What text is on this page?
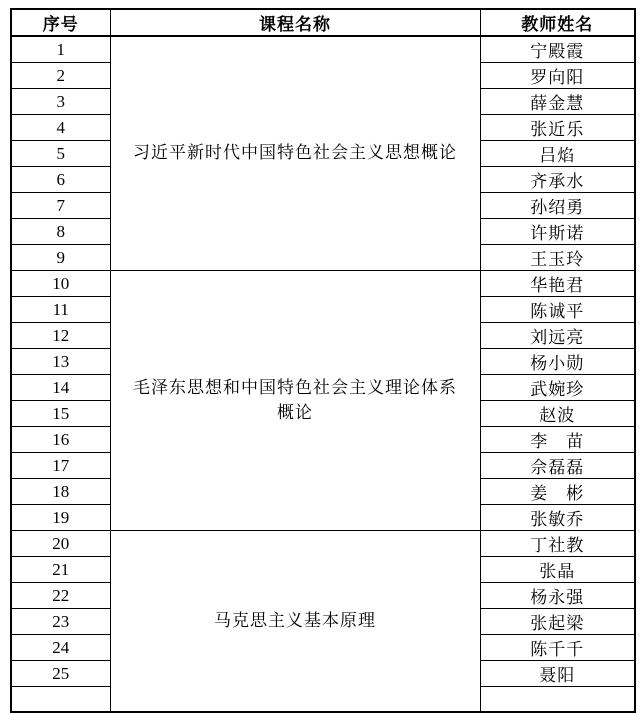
序号	课程名称	教师姓名
1	习近平新时代中国特色社会主义思想概论	宁殿霞
2		罗向阳
3		薛金慧
4		张近乐
5		吕焰
6		齐承水
7		孙绍勇
8		许斯诺
9		王玉玲
10	毛泽东思想和中国特色社会主义理论体系概论	华艳君
11		陈诚平
12		刘远亮
13		杨小勋
14		武婉珍
15		赵波
16		李　苗
17		佘磊磊
18		姜　彬
19		张敏乔
20	马克思主义基本原理	丁社教
21		张晶
22		杨永强
23		张起梁
24		陈千千
25		聂阳
